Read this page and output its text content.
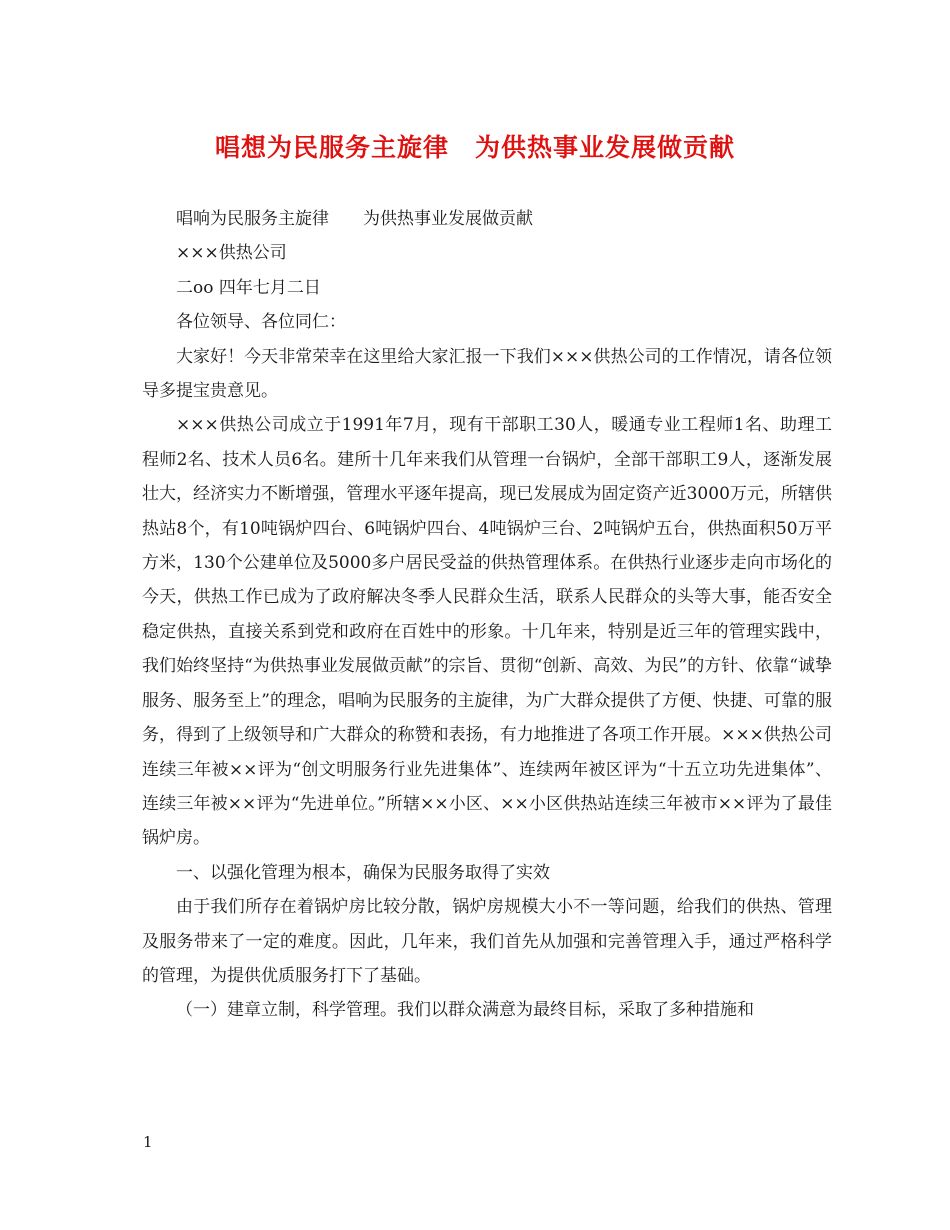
唱想为民服务主旋律　为供热事业发展做贡献

唱响为民服务主旋律　　为供热事业发展做贡献

×××供热公司

二oo 四年七月二日

各位领导、各位同仁：

大家好！今天非常荣幸在这里给大家汇报一下我们×××供热公司的工作情况，请各位领导多提宝贵意见。

×××供热公司成立于1991年7月，现有干部职工30人，暖通专业工程师1名、助理工程师2名、技术人员6名。建所十几年来我们从管理一台锅炉，全部干部职工9人，逐渐发展壮大，经济实力不断增强，管理水平逐年提高，现已发展成为固定资产近3000万元，所辖供热站8个，有10吨锅炉四台、6吨锅炉四台、4吨锅炉三台、2吨锅炉五台，供热面积50万平方米，130个公建单位及5000多户居民受益的供热管理体系。在供热行业逐步走向市场化的今天，供热工作已成为了政府解决冬季人民群众生活，联系人民群众的头等大事，能否安全稳定供热，直接关系到党和政府在百姓中的形象。十几年来，特别是近三年的管理实践中，我们始终坚持“为供热事业发展做贡献”的宗旨、贯彻“创新、高效、为民”的方针、依靠“诚挚服务、服务至上”的理念，唱响为民服务的主旋律，为广大群众提供了方便、快捷、可靠的服务，得到了上级领导和广大群众的称赞和表扬，有力地推进了各项工作开展。×××供热公司连续三年被××评为“创文明服务行业先进集体”、连续两年被区评为“十五立功先进集体”、连续三年被××评为“先进单位。”所辖××小区、××小区供热站连续三年被市××评为了最佳锅炉房。

一、以强化管理为根本，确保为民服务取得了实效

由于我们所存在着锅炉房比较分散，锅炉房规模大小不一等问题，给我们的供热、管理及服务带来了一定的难度。因此，几年来，我们首先从加强和完善管理入手，通过严格科学的管理，为提供优质服务打下了基础。

（一）建章立制，科学管理。我们以群众满意为最终目标，采取了多种措施和

1
